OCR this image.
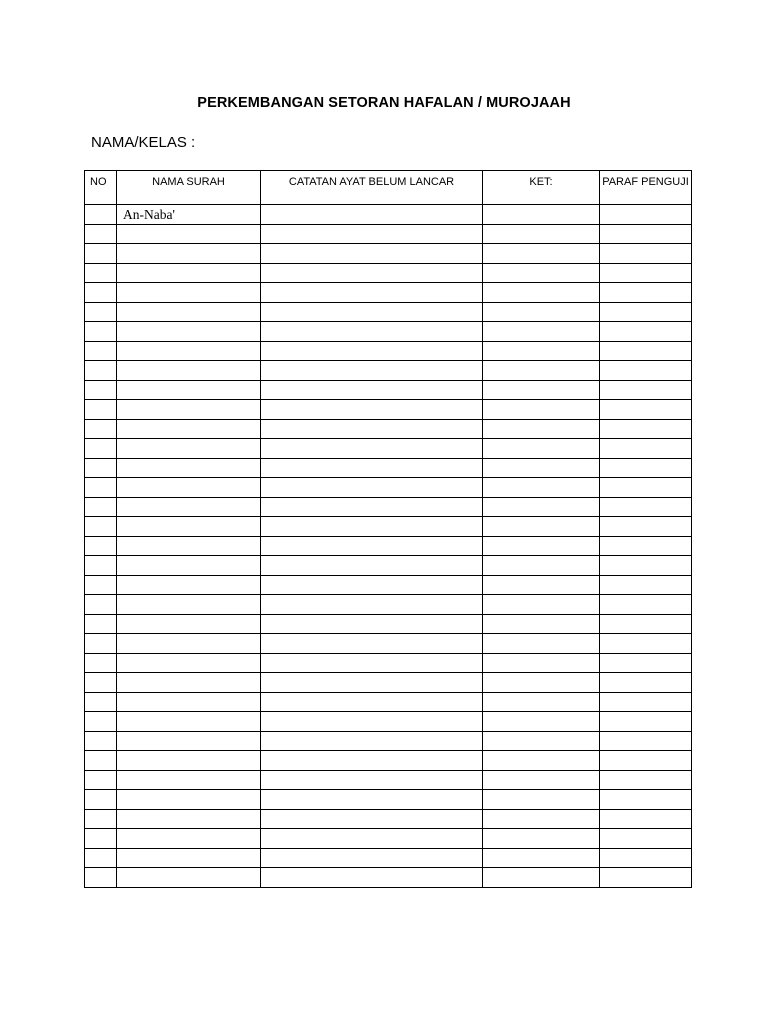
PERKEMBANGAN SETORAN HAFALAN / MUROJAAH
NAMA/KELAS :
NO	NAMA SURAH	CATATAN AYAT BELUM LANCAR	KET:	PARAF PENGUJI
	An-Naba'			
